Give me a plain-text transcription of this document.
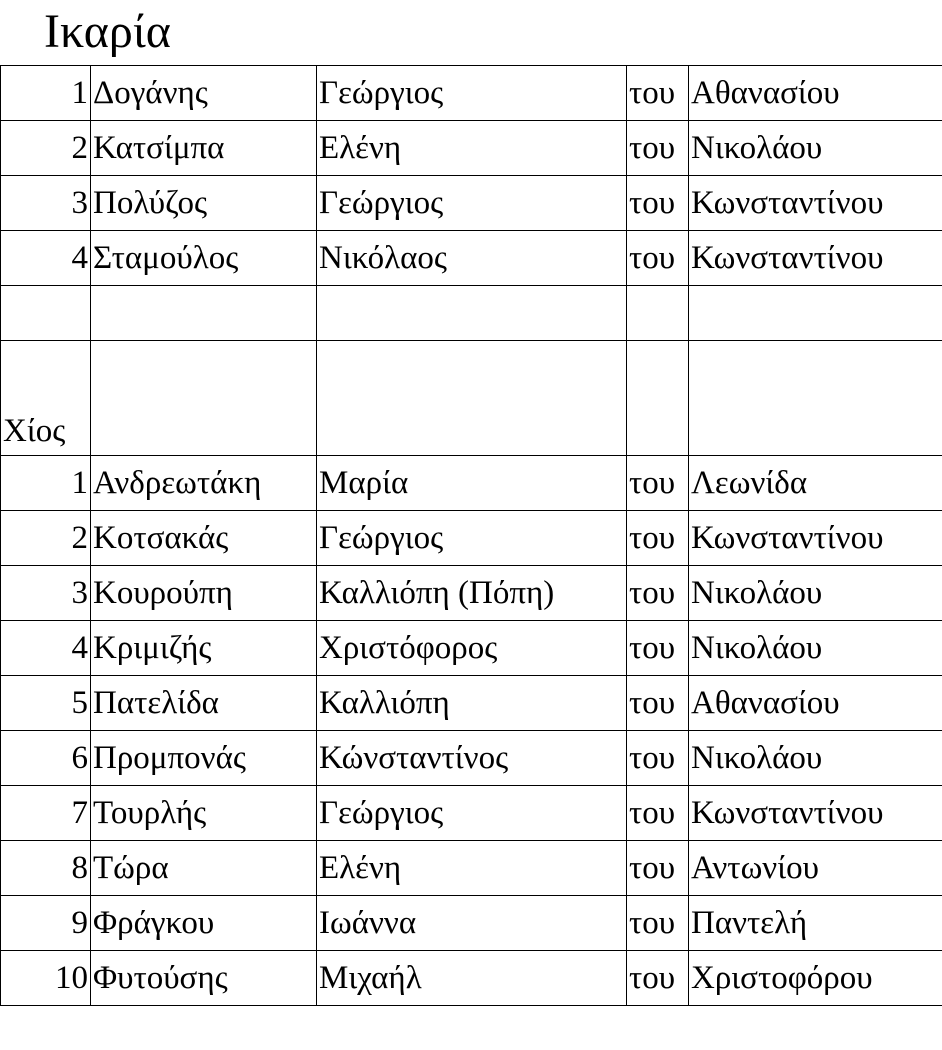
Ικαρία
1	Δογάνης	Γεώργιος	του	Αθανασίου
2	Κατσίμπα	Ελένη	του	Νικολάου
3	Πολύζος	Γεώργιος	του	Κωνσταντίνου
4	Σταμούλος	Νικόλαος	του	Κωνσταντίνου

Χίος				
1	Ανδρεωτάκη	Μαρία	του	Λεωνίδα
2	Κοτσακάς	Γεώργιος	του	Κωνσταντίνου
3	Κουρούπη	Καλλιόπη (Πόπη)	του	Νικολάου
4	Κριμιζής	Χριστόφορος	του	Νικολάου
5	Πατελίδα	Καλλιόπη	του	Αθανασίου
6	Προμπονάς	Κώνσταντίνος	του	Νικολάου
7	Τουρλής	Γεώργιος	του	Κωνσταντίνου
8	Τώρα	Ελένη	του	Αντωνίου
9	Φράγκου	Ιωάννα	του	Παντελή
10	Φυτούσης	Μιχαήλ	του	Χριστοφόρου
